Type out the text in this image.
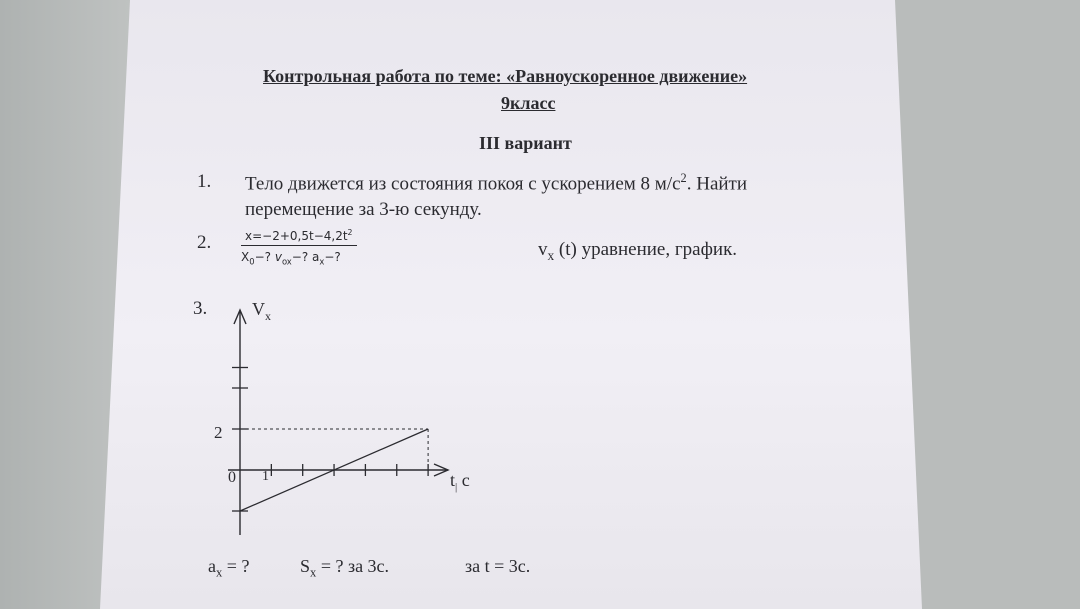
Контрольная работа по теме: «Равноускоренное движение»
9класс
III вариант
1. Тело движется из состояния покоя с ускорением 8 $м/с^2$. Найти
перемещение за 3-ю секунду.
2.	$x=-2+0,5t-4,2t^2$
$X_0-$? $v_{ox}-$? $a_x-$?	$v_x$ (t) уравнение, график.
3. $V_x$
$t_|$ с
2
0 1
$a_x$ = ?	$S_x$ = ? за 3с.	за t = 3с.
